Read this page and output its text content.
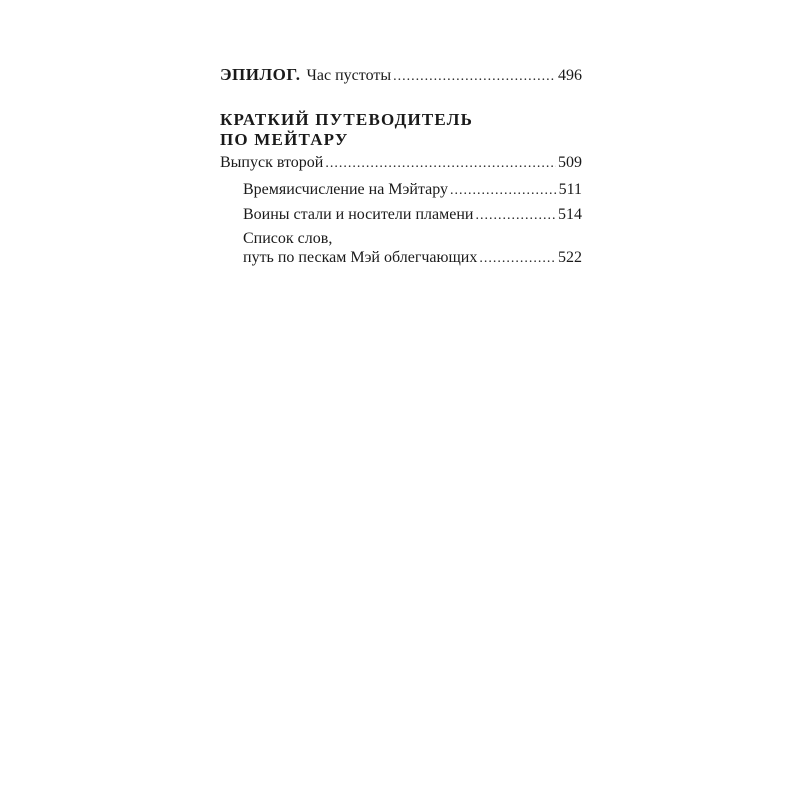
ЭПИЛОГ. Час пустоты .....	496
КРАТКИЙ ПУТЕВОДИТЕЛЬ
ПО МЕЙТАРУ
Выпуск второй .....	509
Времяисчисление на Мэйтару .....	511
Воины стали и носители пламени .....	514
Список слов,
путь по пескам Мэй облегчающих .....	522
